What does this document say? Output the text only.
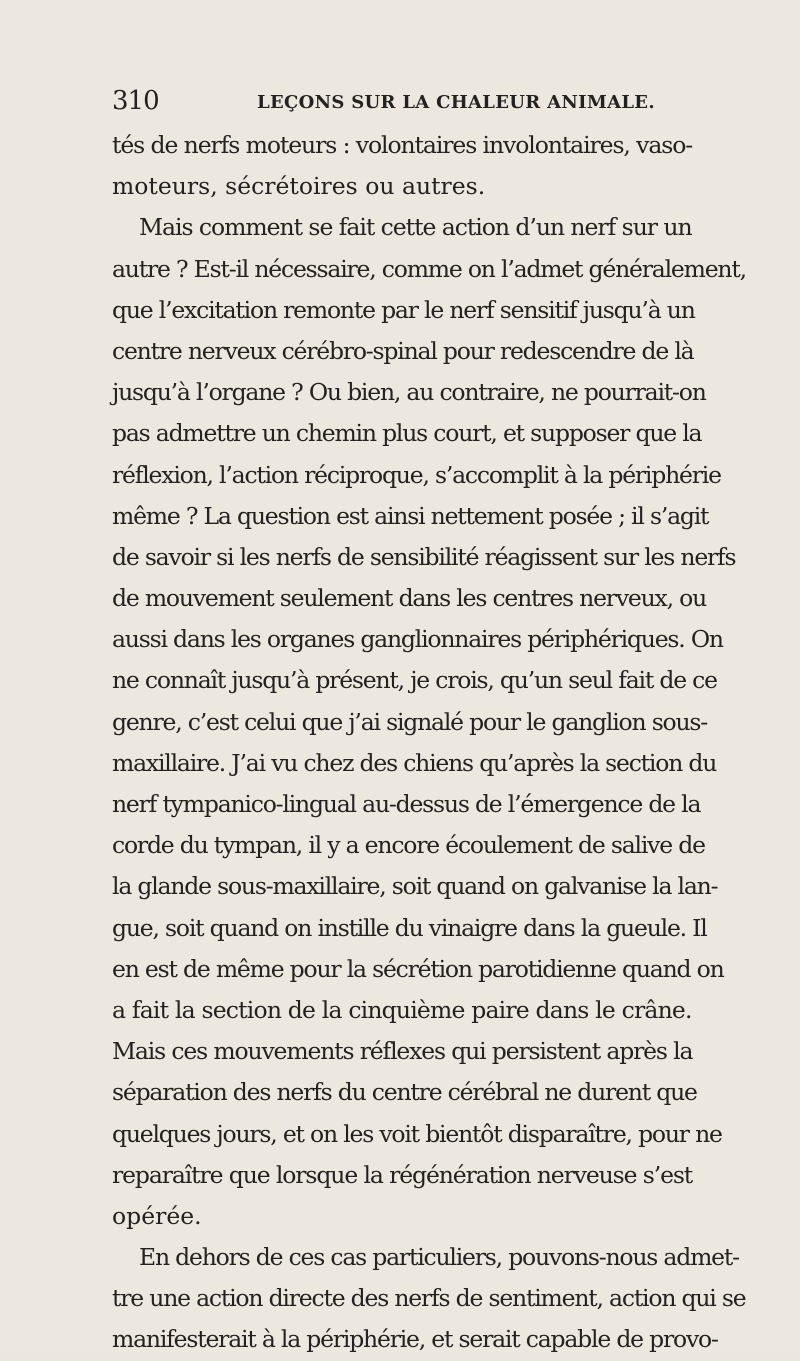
310	LEÇONS SUR LA CHALEUR ANIMALE.
tés de nerfs moteurs : volontaires involontaires, vaso-
moteurs, sécrétoires ou autres.
Mais comment se fait cette action d’un nerf sur un
autre ? Est-il nécessaire, comme on l’admet généralement,
que l’excitation remonte par le nerf sensitif jusqu’à un
centre nerveux cérébro-spinal pour redescendre de là
jusqu’à l’organe ? Ou bien, au contraire, ne pourrait-on
pas admettre un chemin plus court, et supposer que la
réflexion, l’action réciproque, s’accomplit à la périphérie
même ? La question est ainsi nettement posée ; il s’agit
de savoir si les nerfs de sensibilité réagissent sur les nerfs
de mouvement seulement dans les centres nerveux, ou
aussi dans les organes ganglionnaires périphériques. On
ne connaît jusqu’à présent, je crois, qu’un seul fait de ce
genre, c’est celui que j’ai signalé pour le ganglion sous-
maxillaire. J’ai vu chez des chiens qu’après la section du
nerf tympanico-lingual au-dessus de l’émergence de la
corde du tympan, il y a encore écoulement de salive de
la glande sous-maxillaire, soit quand on galvanise la lan-
gue, soit quand on instille du vinaigre dans la gueule. Il
en est de même pour la sécrétion parotidienne quand on
a fait la section de la cinquième paire dans le crâne.
Mais ces mouvements réflexes qui persistent après la
séparation des nerfs du centre cérébral ne durent que
quelques jours, et on les voit bientôt disparaître, pour ne
reparaître que lorsque la régénération nerveuse s’est
opérée.
En dehors de ces cas particuliers, pouvons-nous admet-
tre une action directe des nerfs de sentiment, action qui se
manifesterait à la périphérie, et serait capable de provo-
